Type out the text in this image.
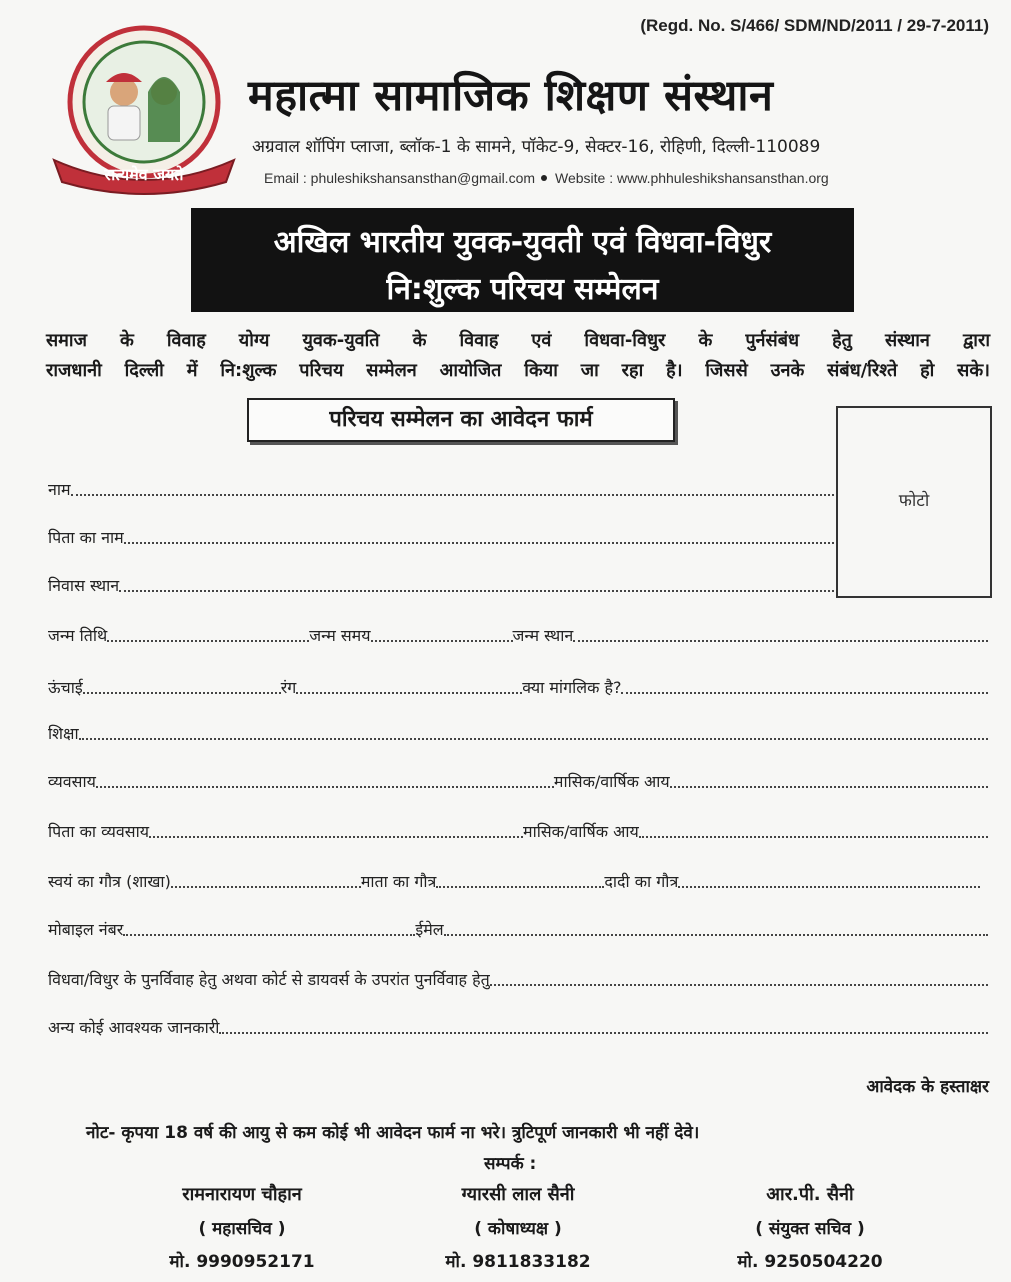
(Regd. No. S/466/ SDM/ND/2011 / 29-7-2011)
सत्यमेव जयते
महात्मा सामाजिक शिक्षण संस्थान
अग्रवाल शॉपिंग प्लाजा, ब्लॉक-1 के सामने, पॉकेट-9, सेक्टर-16, रोहिणी, दिल्ली-110089
Email : phuleshikshansansthan@gmail.com Website : www.phhuleshikshansansthan.org
अखिल भारतीय युवक-युवती एवं विधवा-विधुर
नि:शुल्क परिचय सम्मेलन

समाज के विवाह योग्य युवक-युवति के विवाह एवं विधवा-विधुर के पुर्नसंबंध हेतु संस्थान द्वारा

राजधानी दिल्ली में नि:शुल्क परिचय सम्मेलन आयोजित किया जा रहा है। जिससे उनके संबंध/रिश्ते हो सके।

परिचय सम्मेलन का आवेदन फार्म
फोटो
नाम
पिता का नाम
निवास स्थान
जन्म तिथि	जन्म समय	जन्म स्थान
ऊंचाई	रंग	क्या मांगलिक है?
शिक्षा
व्यवसाय	मासिक/वार्षिक आय
पिता का व्यवसाय	मासिक/वार्षिक आय
स्वयं का गौत्र (शाखा)	माता का गौत्र	दादी का गौत्र
मोबाइल नंबर	ईमेल
विधवा/विधुर के पुनर्विवाह हेतु अथवा कोर्ट से डायवर्स के उपरांत पुनर्विवाह हेतु
अन्य कोई आवश्यक जानकारी
आवेदक के हस्ताक्षर
नोट- कृपया 18 वर्ष की आयु से कम कोई भी आवेदन फार्म ना भरे। त्रुटिपूर्ण जानकारी भी नहीं देवे।
सम्पर्क :
रामनारायण चौहान
( महासचिव )
मो. 9990952171
ग्यारसी लाल सैनी
( कोषाध्यक्ष )
मो. 9811833182
आर.पी. सैनी
( संयुक्त सचिव )
मो. 9250504220
